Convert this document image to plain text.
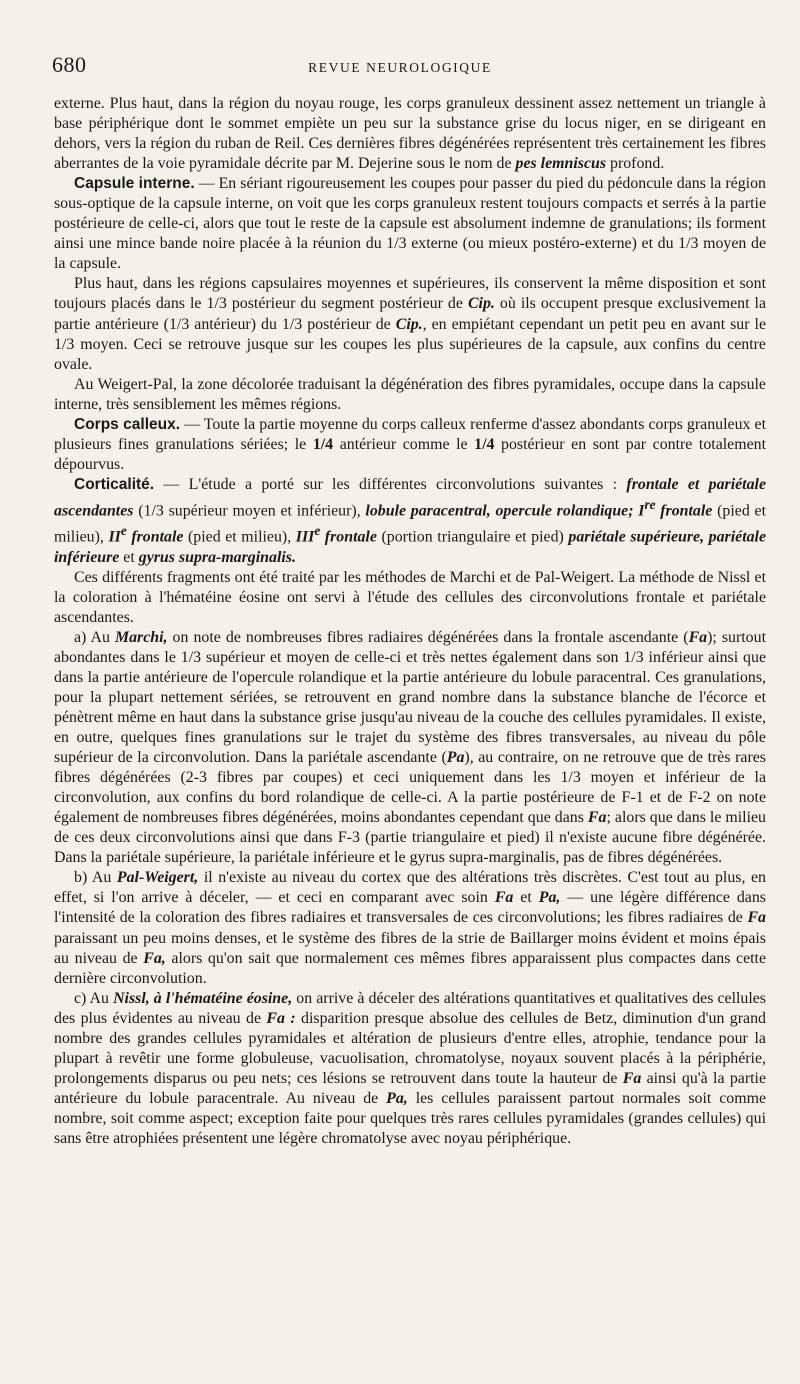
680	REVUE NEUROLOGIQUE

externe. Plus haut, dans la région du noyau rouge, les corps granuleux dessinent assez nettement un triangle à base périphérique dont le sommet empiète un peu sur la substance grise du locus niger, en se dirigeant en dehors, vers la région du ruban de Reil. Ces dernières fibres dégénérées représentent très certainement les fibres aberrantes de la voie pyramidale décrite par M. Dejerine sous le nom de pes lemniscus profond.

Capsule interne. — En sériant rigoureusement les coupes pour passer du pied du pédoncule dans la région sous-optique de la capsule interne, on voit que les corps granuleux restent toujours compacts et serrés à la partie postérieure de celle-ci, alors que tout le reste de la capsule est absolument indemne de granulations; ils forment ainsi une mince bande noire placée à la réunion du 1/3 externe (ou mieux postéro-externe) et du 1/3 moyen de la capsule.

Plus haut, dans les régions capsulaires moyennes et supérieures, ils conservent la même disposition et sont toujours placés dans le 1/3 postérieur du segment postérieur de Cip. où ils occupent presque exclusivement la partie antérieure (1/3 antérieur) du 1/3 postérieur de Cip., en empiétant cependant un petit peu en avant sur le 1/3 moyen. Ceci se retrouve jusque sur les coupes les plus supérieures de la capsule, aux confins du centre ovale.

Au Weigert-Pal, la zone décolorée traduisant la dégénération des fibres pyramidales, occupe dans la capsule interne, très sensiblement les mêmes régions.

Corps calleux. — Toute la partie moyenne du corps calleux renferme d'assez abondants corps granuleux et plusieurs fines granulations sériées; le 1/4 antérieur comme le 1/4 postérieur en sont par contre totalement dépourvus.

Corticalité. — L'étude a porté sur les différentes circonvolutions suivantes : frontale et pariétale ascendantes (1/3 supérieur moyen et inférieur), lobule paracentral, opercule rolandique; Ire frontale (pied et milieu), IIe frontale (pied et milieu), IIIe frontale (portion triangulaire et pied) pariétale supérieure, pariétale inférieure et gyrus supra-marginalis.

Ces différents fragments ont été traité par les méthodes de Marchi et de Pal-Weigert. La méthode de Nissl et la coloration à l'hématéine éosine ont servi à l'étude des cellules des circonvolutions frontale et pariétale ascendantes.

a) Au Marchi, on note de nombreuses fibres radiaires dégénérées dans la frontale ascendante (Fa); surtout abondantes dans le 1/3 supérieur et moyen de celle-ci et très nettes également dans son 1/3 inférieur ainsi que dans la partie antérieure de l'opercule rolandique et la partie antérieure du lobule paracentral. Ces granulations, pour la plupart nettement sériées, se retrouvent en grand nombre dans la substance blanche de l'écorce et pénètrent même en haut dans la substance grise jusqu'au niveau de la couche des cellules pyramidales. Il existe, en outre, quelques fines granulations sur le trajet du système des fibres transversales, au niveau du pôle supérieur de la circonvolution. Dans la pariétale ascendante (Pa), au contraire, on ne retrouve que de très rares fibres dégénérées (2-3 fibres par coupes) et ceci uniquement dans les 1/3 moyen et inférieur de la circonvolution, aux confins du bord rolandique de celle-ci. A la partie postérieure de F-1 et de F-2 on note également de nombreuses fibres dégénérées, moins abondantes cependant que dans Fa; alors que dans le milieu de ces deux circonvolutions ainsi que dans F-3 (partie triangulaire et pied) il n'existe aucune fibre dégénérée. Dans la pariétale supérieure, la pariétale inférieure et le gyrus supra-marginalis, pas de fibres dégénérées.

b) Au Pal-Weigert, il n'existe au niveau du cortex que des altérations très discrètes. C'est tout au plus, en effet, si l'on arrive à déceler, — et ceci en comparant avec soin Fa et Pa, — une légère différence dans l'intensité de la coloration des fibres radiaires et transversales de ces circonvolutions; les fibres radiaires de Fa paraissant un peu moins denses, et le système des fibres de la strie de Baillarger moins évident et moins épais au niveau de Fa, alors qu'on sait que normalement ces mêmes fibres apparaissent plus compactes dans cette dernière circonvolution.

c) Au Nissl, à l'hématéine éosine, on arrive à déceler des altérations quantitatives et qualitatives des cellules des plus évidentes au niveau de Fa : disparition presque absolue des cellules de Betz, diminution d'un grand nombre des grandes cellules pyramidales et altération de plusieurs d'entre elles, atrophie, tendance pour la plupart à revêtir une forme globuleuse, vacuolisation, chromatolyse, noyaux souvent placés à la périphérie, prolongements disparus ou peu nets; ces lésions se retrouvent dans toute la hauteur de Fa ainsi qu'à la partie antérieure du lobule paracentrale. Au niveau de Pa, les cellules paraissent partout normales soit comme nombre, soit comme aspect; exception faite pour quelques très rares cellules pyramidales (grandes cellules) qui sans être atrophiées présentent une légère chromatolyse avec noyau périphérique.
